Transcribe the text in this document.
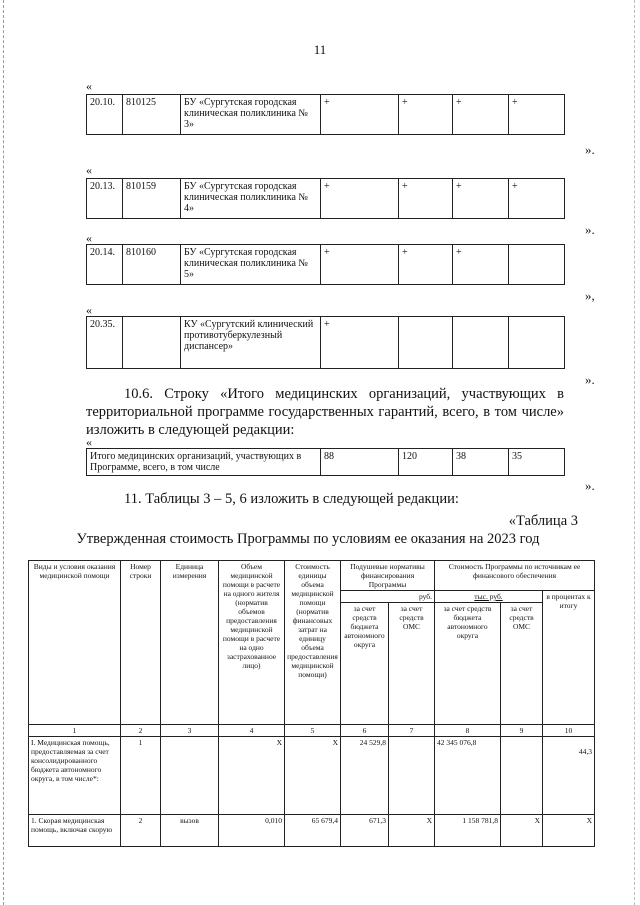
11
«
20.10.	810125	БУ «Сургутская городская клиническая поликлиника № 3»	+	+	+	+
».
«
20.13.	810159	БУ «Сургутская городская клиническая поликлиника № 4»	+	+	+	+
».
«
20.14.	810160	БУ «Сургутская городская клиническая поликлиника № 5»	+	+	+	
»,
«
20.35.		КУ «Сургутский клинический противотуберкулезный диспансер»	+			
».
10.6. Строку «Итого медицинских организаций, участвующих в территориальной программе государственных гарантий, всего, в том числе» изложить в следующей редакции:
«
Итого медицинских организаций, участвующих в Программе, всего, в том числе	88	120	38	35
».
11. Таблицы 3 – 5, 6 изложить в следующей редакции:
«Таблица 3
Утвержденная стоимость Программы по условиям ее оказания на 2023 год
Виды и условия оказания медицинской помощи	Номер строки	Единица измерения	Объем медицинской помощи в расчете на одного жителя (норматив объемов предоставления медицинской помощи в расчете на одно застрахованное лицо)	Стоимость единицы объема медицинской помощи (норматив финансовых затрат на единицу объема предоставления медицинской помощи)	Подушевые нормативы финансирования Программы		Стоимость Программы по источникам ее финансового обеспечения		
					руб.		тыс. руб.		в процентах к итогу
					за счет средств бюджета автономного округа	за счет средств ОМС	за счет средств бюджета автономного округа	за счет средств ОМС	
1	2	3	4	5	6	7	8	9	10
I. Медицинская помощь, предоставляемая за счет консолидированного бюджета автономного округа, в том числе*:	1		X	X	24 529,8		42 345 076,8		44,3
1. Скорая медицинская помощь, включая скорую	2	вызов	0,010	65 679,4	671,3	X	1 158 781,8	X	X
